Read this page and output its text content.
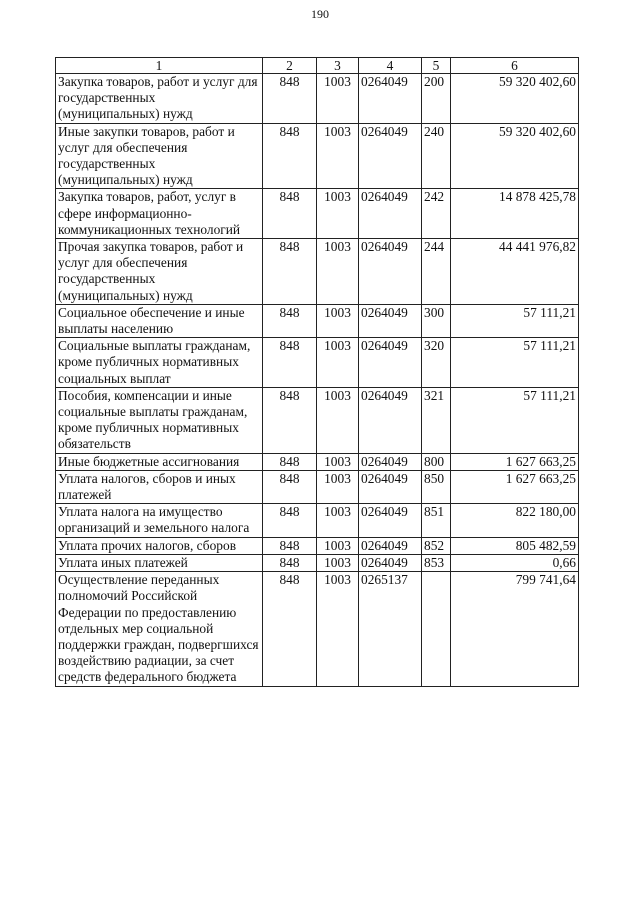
190
1	2	3	4	5	6
Закупка товаров, работ и услуг для государственных (муниципальных) нужд	848	1003	0264049	200	59 320 402,60
Иные закупки товаров, работ и услуг для обеспечения государственных (муниципальных) нужд	848	1003	0264049	240	59 320 402,60
Закупка товаров, работ, услуг в сфере информационно-коммуникационных технологий	848	1003	0264049	242	14 878 425,78
Прочая закупка товаров, работ и услуг для обеспечения государственных (муниципальных) нужд	848	1003	0264049	244	44 441 976,82
Социальное обеспечение и иные выплаты населению	848	1003	0264049	300	57 111,21
Социальные выплаты гражданам, кроме публичных нормативных социальных выплат	848	1003	0264049	320	57 111,21
Пособия, компенсации и иные социальные выплаты гражданам, кроме публичных нормативных обязательств	848	1003	0264049	321	57 111,21
Иные бюджетные ассигнования	848	1003	0264049	800	1 627 663,25
Уплата налогов, сборов и иных платежей	848	1003	0264049	850	1 627 663,25
Уплата налога на имущество организаций и земельного налога	848	1003	0264049	851	822 180,00
Уплата прочих налогов, сборов	848	1003	0264049	852	805 482,59
Уплата иных платежей	848	1003	0264049	853	0,66
Осуществление переданных полномочий Российской Федерации по предоставлению отдельных мер социальной поддержки граждан, подвергшихся воздействию радиации, за счет средств федерального бюджета	848	1003	0265137		799 741,64
